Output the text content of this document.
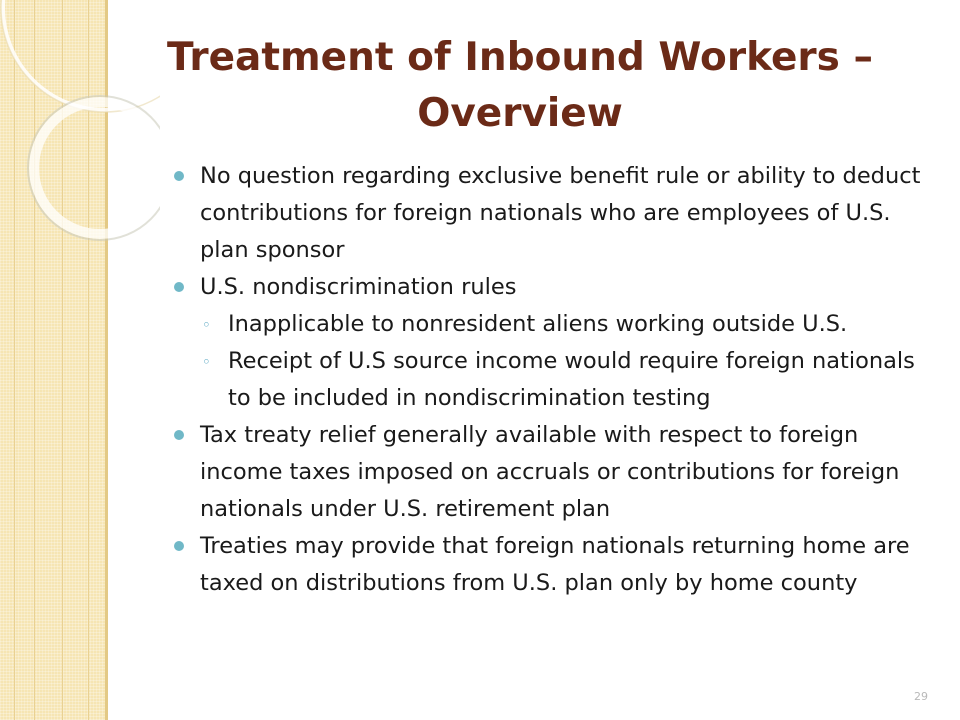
Treatment of Inbound Workers – Overview
No question regarding exclusive benefit rule or ability to deduct contributions for foreign nationals who are employees of U.S. plan sponsor
U.S. nondiscrimination rules
◦ Inapplicable to nonresident aliens working outside U.S.
◦ Receipt of U.S source income would require foreign nationals to be included in nondiscrimination testing
Tax treaty relief generally available with respect to foreign income taxes imposed on accruals or contributions for foreign nationals under U.S. retirement plan
Treaties may provide that foreign nationals returning home are taxed on distributions from U.S. plan only by home county
29
